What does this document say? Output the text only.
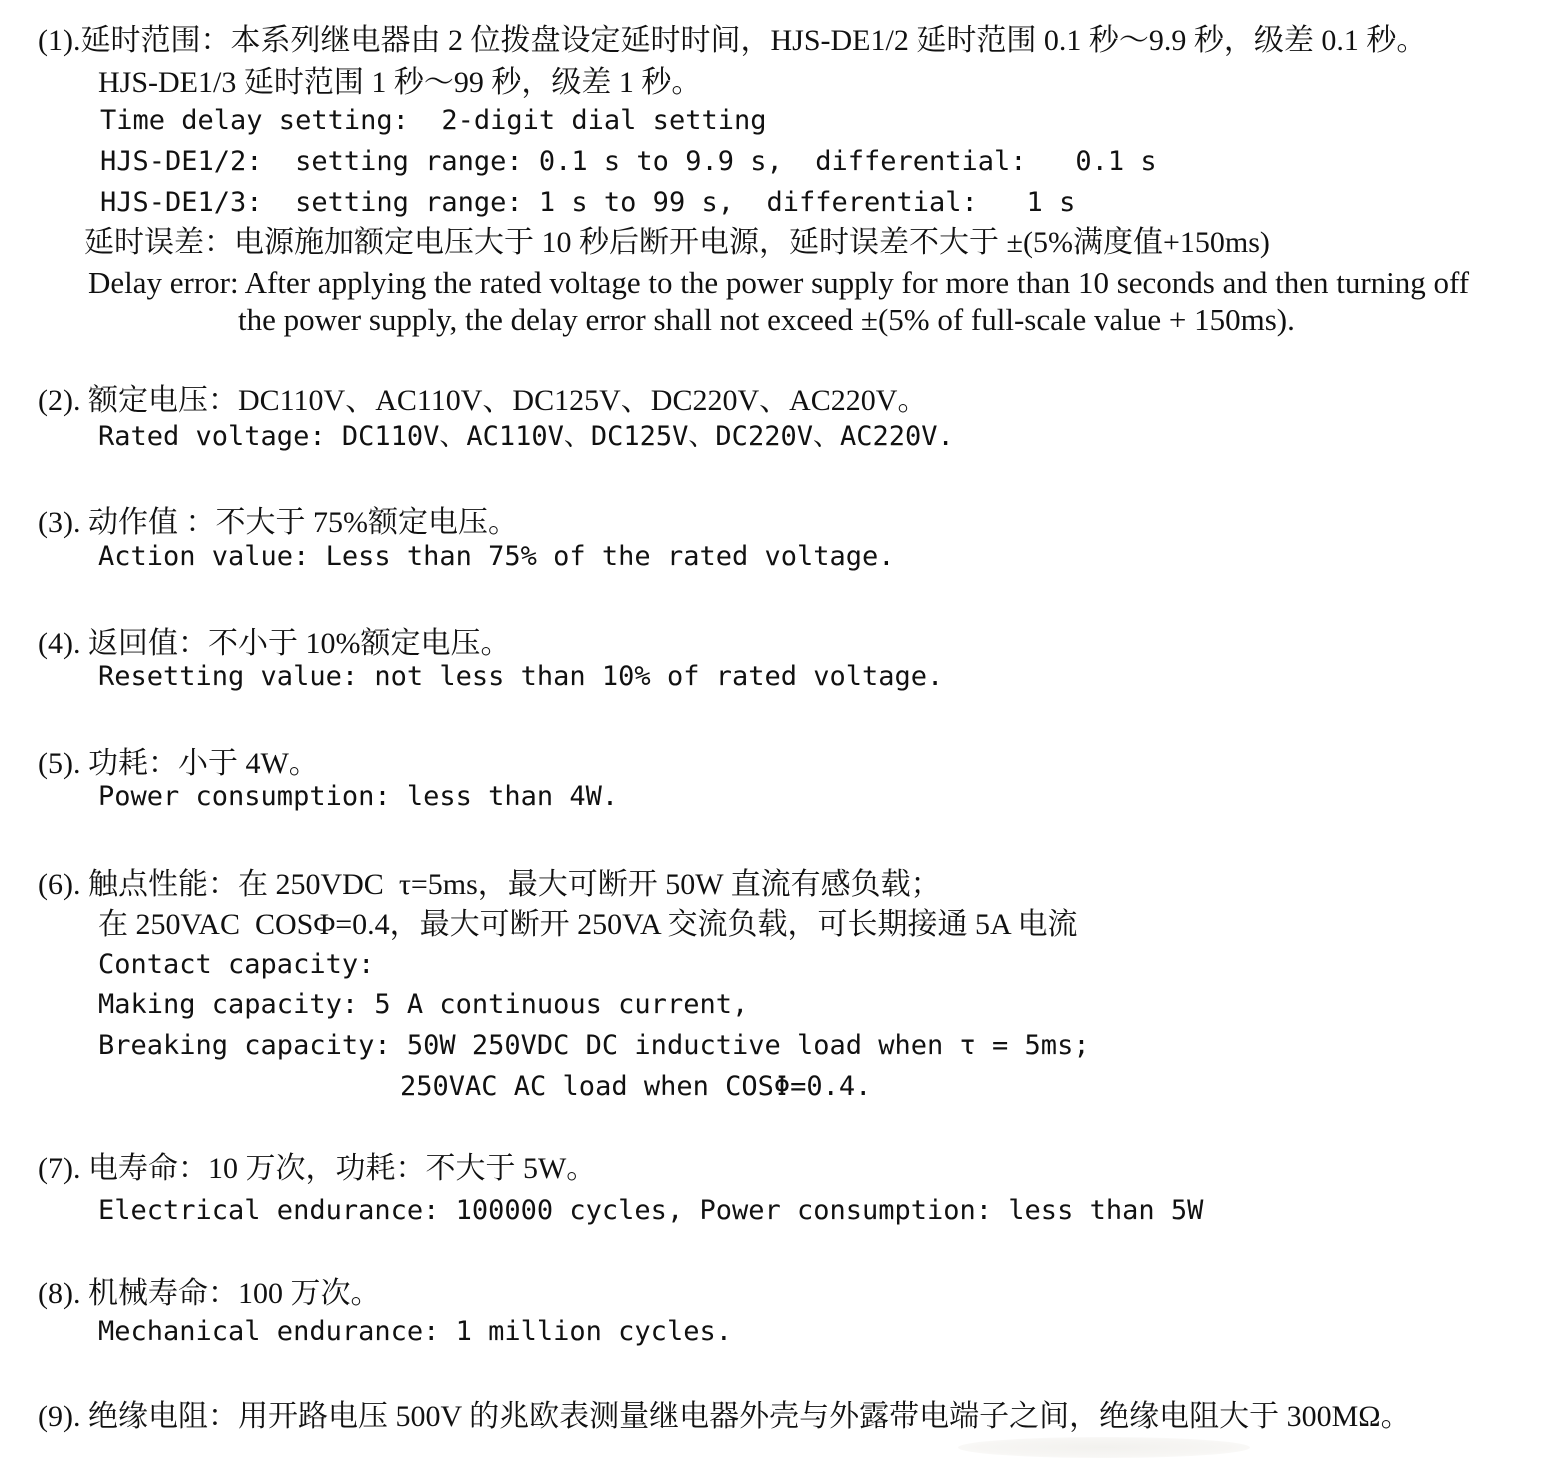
(1).延时范围：本系列继电器由 2 位拨盘设定延时时间，HJS-DE1/2 延时范围 0.1 秒～9.9 秒，级差 0.1 秒。
HJS-DE1/3 延时范围 1 秒～99 秒，级差 1 秒。
Time delay setting:  2-digit dial setting
HJS-DE1/2:  setting range: 0.1 s to 9.9 s,  differential:   0.1 s
HJS-DE1/3:  setting range: 1 s to 99 s,  differential:   1 s
延时误差：电源施加额定电压大于 10 秒后断开电源，延时误差不大于 ±(5%满度值+150ms)
Delay error: After applying the rated voltage to the power supply for more than 10 seconds and then turning off
the power supply, the delay error shall not exceed ±(5% of full-scale value + 150ms).
(2). 额定电压：DC110V、AC110V、DC125V、DC220V、AC220V。
Rated voltage: DC110V、AC110V、DC125V、DC220V、AC220V.
(3). 动作值 ：不大于 75%额定电压。
Action value: Less than 75% of the rated voltage.
(4). 返回值：不小于 10%额定电压。
Resetting value: not less than 10% of rated voltage.
(5). 功耗：小于 4W。
Power consumption: less than 4W.
(6). 触点性能：在 250VDC  τ=5ms，最大可断开 50W 直流有感负载；
在 250VAC  COSΦ=0.4，最大可断开 250VA 交流负载，可长期接通 5A 电流
Contact capacity:
Making capacity: 5 A continuous current,
Breaking capacity: 50W 250VDC DC inductive load when τ = 5ms;
250VAC AC load when COSΦ=0.4.
(7). 电寿命：10 万次，功耗：不大于 5W。
Electrical endurance: 100000 cycles, Power consumption: less than 5W
(8). 机械寿命：100 万次。
Mechanical endurance: 1 million cycles.
(9). 绝缘电阻：用开路电压 500V 的兆欧表测量继电器外壳与外露带电端子之间，绝缘电阻大于 300MΩ。
